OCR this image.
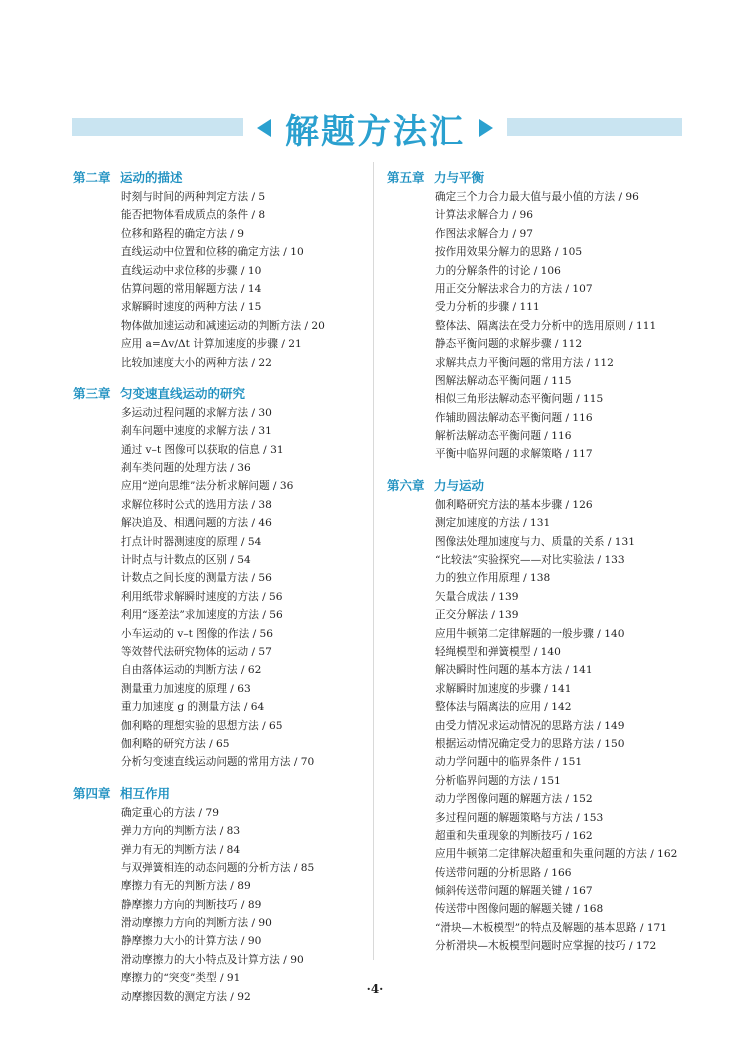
解题方法汇
第二章 运动的描述
时刻与时间的两种判定方法 / 5
能否把物体看成质点的条件 / 8
位移和路程的确定方法 / 9
直线运动中位置和位移的确定方法 / 10
直线运动中求位移的步骤 / 10
估算问题的常用解题方法 / 14
求解瞬时速度的两种方法 / 15
物体做加速运动和减速运动的判断方法 / 20
应用 a=Δv/Δt 计算加速度的步骤 / 21
比较加速度大小的两种方法 / 22
第三章 匀变速直线运动的研究
多运动过程问题的求解方法 / 30
刹车问题中速度的求解方法 / 31
通过 v–t 图像可以获取的信息 / 31
刹车类问题的处理方法 / 36
应用“逆向思维”法分析求解问题 / 36
求解位移时公式的选用方法 / 38
解决追及、相遇问题的方法 / 46
打点计时器测速度的原理 / 54
计时点与计数点的区别 / 54
计数点之间长度的测量方法 / 56
利用纸带求解瞬时速度的方法 / 56
利用“逐差法”求加速度的方法 / 56
小车运动的 v–t 图像的作法 / 56
等效替代法研究物体的运动 / 57
自由落体运动的判断方法 / 62
测量重力加速度的原理 / 63
重力加速度 g 的测量方法 / 64
伽利略的理想实验的思想方法 / 65
伽利略的研究方法 / 65
分析匀变速直线运动问题的常用方法 / 70
第四章 相互作用
确定重心的方法 / 79
弹力方向的判断方法 / 83
弹力有无的判断方法 / 84
与双弹簧相连的动态问题的分析方法 / 85
摩擦力有无的判断方法 / 89
静摩擦力方向的判断技巧 / 89
滑动摩擦力方向的判断方法 / 90
静摩擦力大小的计算方法 / 90
滑动摩擦力的大小特点及计算方法 / 90
摩擦力的“突变”类型 / 91
动摩擦因数的测定方法 / 92
第五章 力与平衡
确定三个力合力最大值与最小值的方法 / 96
计算法求解合力 / 96
作图法求解合力 / 97
按作用效果分解力的思路 / 105
力的分解条件的讨论 / 106
用正交分解法求合力的方法 / 107
受力分析的步骤 / 111
整体法、隔离法在受力分析中的选用原则 / 111
静态平衡问题的求解步骤 / 112
求解共点力平衡问题的常用方法 / 112
图解法解动态平衡问题 / 115
相似三角形法解动态平衡问题 / 115
作辅助圆法解动态平衡问题 / 116
解析法解动态平衡问题 / 116
平衡中临界问题的求解策略 / 117
第六章 力与运动
伽利略研究方法的基本步骤 / 126
测定加速度的方法 / 131
图像法处理加速度与力、质量的关系 / 131
“比较法”实验探究——对比实验法 / 133
力的独立作用原理 / 138
矢量合成法 / 139
正交分解法 / 139
应用牛顿第二定律解题的一般步骤 / 140
轻绳模型和弹簧模型 / 140
解决瞬时性问题的基本方法 / 141
求解瞬时加速度的步骤 / 141
整体法与隔离法的应用 / 142
由受力情况求运动情况的思路方法 / 149
根据运动情况确定受力的思路方法 / 150
动力学问题中的临界条件 / 151
分析临界问题的方法 / 151
动力学图像问题的解题方法 / 152
多过程问题的解题策略与方法 / 153
超重和失重现象的判断技巧 / 162
应用牛顿第二定律解决超重和失重问题的方法 / 162
传送带问题的分析思路 / 166
倾斜传送带问题的解题关键 / 167
传送带中图像问题的解题关键 / 168
“滑块—木板模型”的特点及解题的基本思路 / 171
分析滑块—木板模型问题时应掌握的技巧 / 172
·4·
